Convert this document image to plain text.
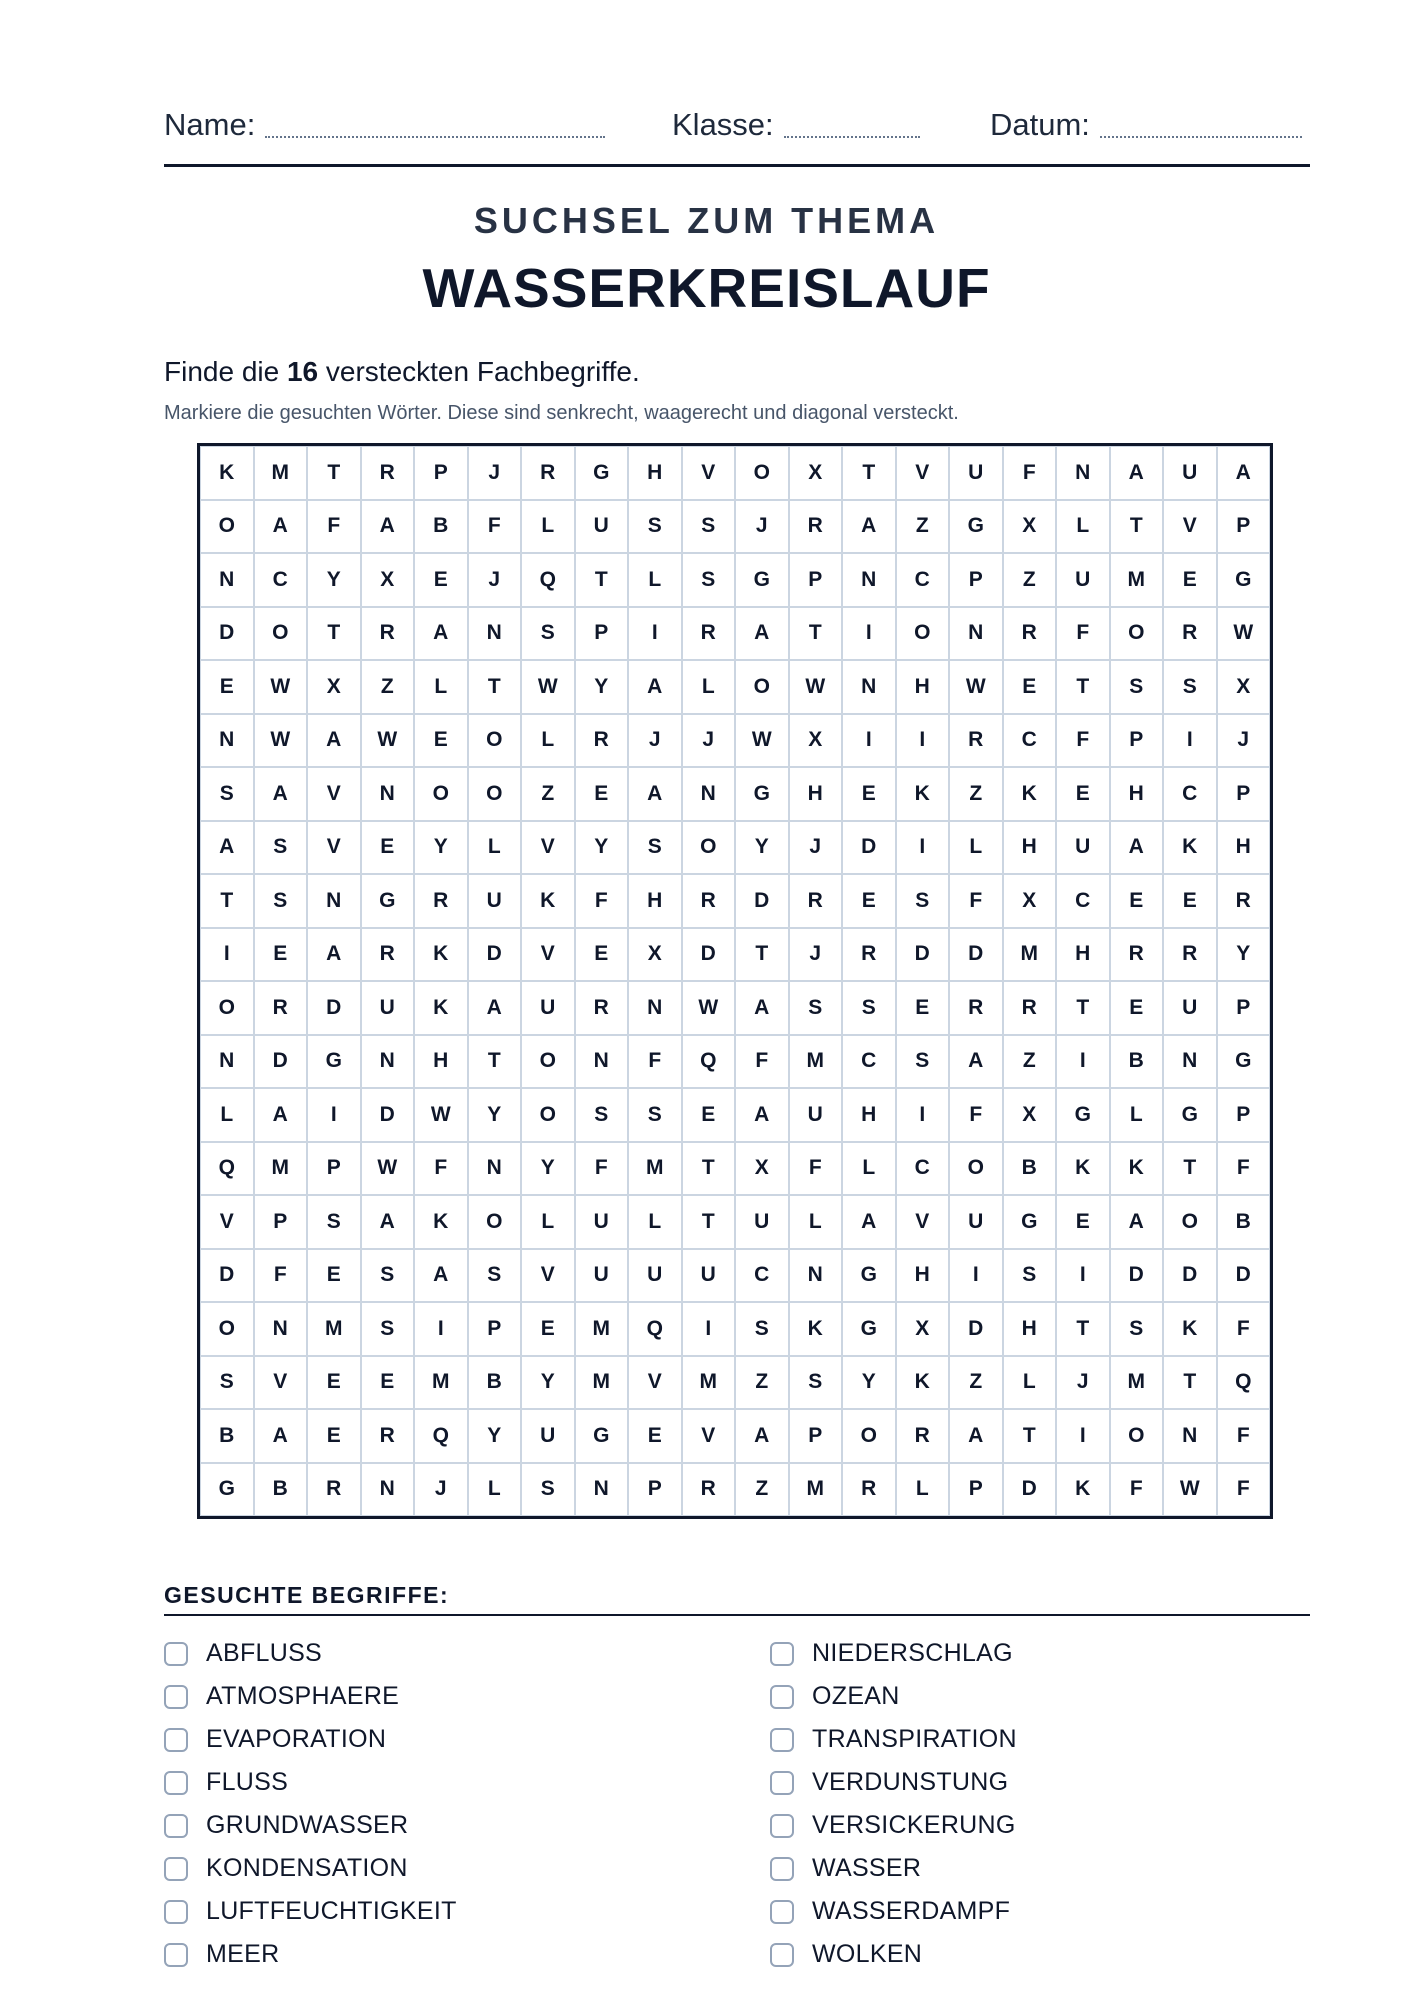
Name:	Klasse:	Datum:
SUCHSEL ZUM THEMA
WASSERKREISLAUF
Finde die 16 versteckten Fachbegriffe.
Markiere die gesuchten Wörter. Diese sind senkrecht, waagerecht und diagonal versteckt.
K	M	T	R	P	J	R	G	H	V	O	X	T	V	U	F	N	A	U	A
O	A	F	A	B	F	L	U	S	S	J	R	A	Z	G	X	L	T	V	P
N	C	Y	X	E	J	Q	T	L	S	G	P	N	C	P	Z	U	M	E	G
D	O	T	R	A	N	S	P	I	R	A	T	I	O	N	R	F	O	R	W
E	W	X	Z	L	T	W	Y	A	L	O	W	N	H	W	E	T	S	S	X
N	W	A	W	E	O	L	R	J	J	W	X	I	I	R	C	F	P	I	J
S	A	V	N	O	O	Z	E	A	N	G	H	E	K	Z	K	E	H	C	P
A	S	V	E	Y	L	V	Y	S	O	Y	J	D	I	L	H	U	A	K	H
T	S	N	G	R	U	K	F	H	R	D	R	E	S	F	X	C	E	E	R
I	E	A	R	K	D	V	E	X	D	T	J	R	D	D	M	H	R	R	Y
O	R	D	U	K	A	U	R	N	W	A	S	S	E	R	R	T	E	U	P
N	D	G	N	H	T	O	N	F	Q	F	M	C	S	A	Z	I	B	N	G
L	A	I	D	W	Y	O	S	S	E	A	U	H	I	F	X	G	L	G	P
Q	M	P	W	F	N	Y	F	M	T	X	F	L	C	O	B	K	K	T	F
V	P	S	A	K	O	L	U	L	T	U	L	A	V	U	G	E	A	O	B
D	F	E	S	A	S	V	U	U	U	C	N	G	H	I	S	I	D	D	D
O	N	M	S	I	P	E	M	Q	I	S	K	G	X	D	H	T	S	K	F
S	V	E	E	M	B	Y	M	V	M	Z	S	Y	K	Z	L	J	M	T	Q
B	A	E	R	Q	Y	U	G	E	V	A	P	O	R	A	T	I	O	N	F
G	B	R	N	J	L	S	N	P	R	Z	M	R	L	P	D	K	F	W	F
GESUCHTE BEGRIFFE:
ABFLUSS
ATMOSPHAERE
EVAPORATION
FLUSS
GRUNDWASSER
KONDENSATION
LUFTFEUCHTIGKEIT
MEER
NIEDERSCHLAG
OZEAN
TRANSPIRATION
VERDUNSTUNG
VERSICKERUNG
WASSER
WASSERDAMPF
WOLKEN
